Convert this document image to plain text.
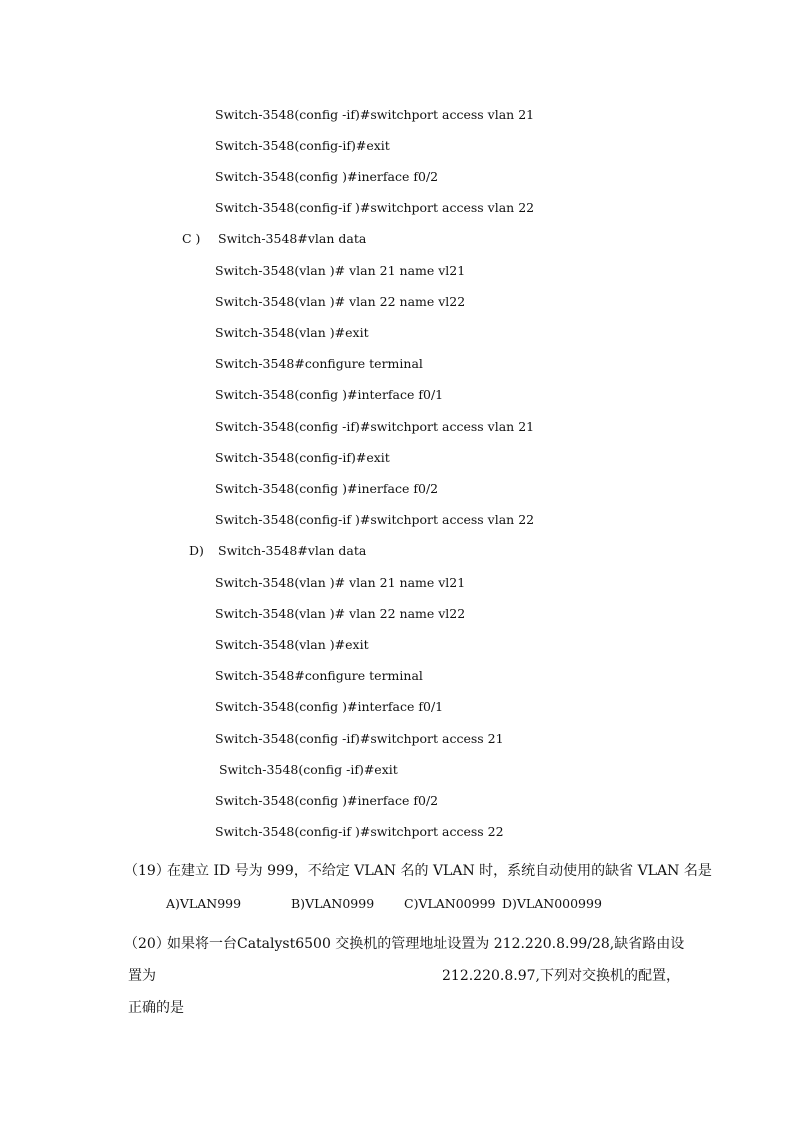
Switch-3548(config -if)#switchport access vlan 21
Switch-3548(config-if)#exit
Switch-3548(config )#inerface f0/2
Switch-3548(config-if )#switchport access vlan 22
C ) Switch-3548#vlan data
Switch-3548(vlan )# vlan 21 name vl21
Switch-3548(vlan )# vlan 22 name vl22
Switch-3548(vlan )#exit
Switch-3548#configure terminal
Switch-3548(config )#interface f0/1
Switch-3548(config -if)#switchport access vlan 21
Switch-3548(config-if)#exit
Switch-3548(config )#inerface f0/2
Switch-3548(config-if )#switchport access vlan 22
D) Switch-3548#vlan data
Switch-3548(vlan )# vlan 21 name vl21
Switch-3548(vlan )# vlan 22 name vl22
Switch-3548(vlan )#exit
Switch-3548#configure terminal
Switch-3548(config )#interface f0/1
Switch-3548(config -if)#switchport access 21
Switch-3548(config -if)#exit
Switch-3548(config )#inerface f0/2
Switch-3548(config-if )#switchport access 22
（19）
在建立 ID 号为 999，不给定 VLAN 名的 VLAN 时，系统自动使用的缺省 VLAN 名是
A)VLAN999	B)VLAN0999 C)VLAN00999 D)VLAN000999
（20）
如果将一台Catalyst6500 交换机的管理地址设置为 212.220.8.99/28,缺省路由设
置为	212.220.8.97,下列对交换机的配置，
正确的是
